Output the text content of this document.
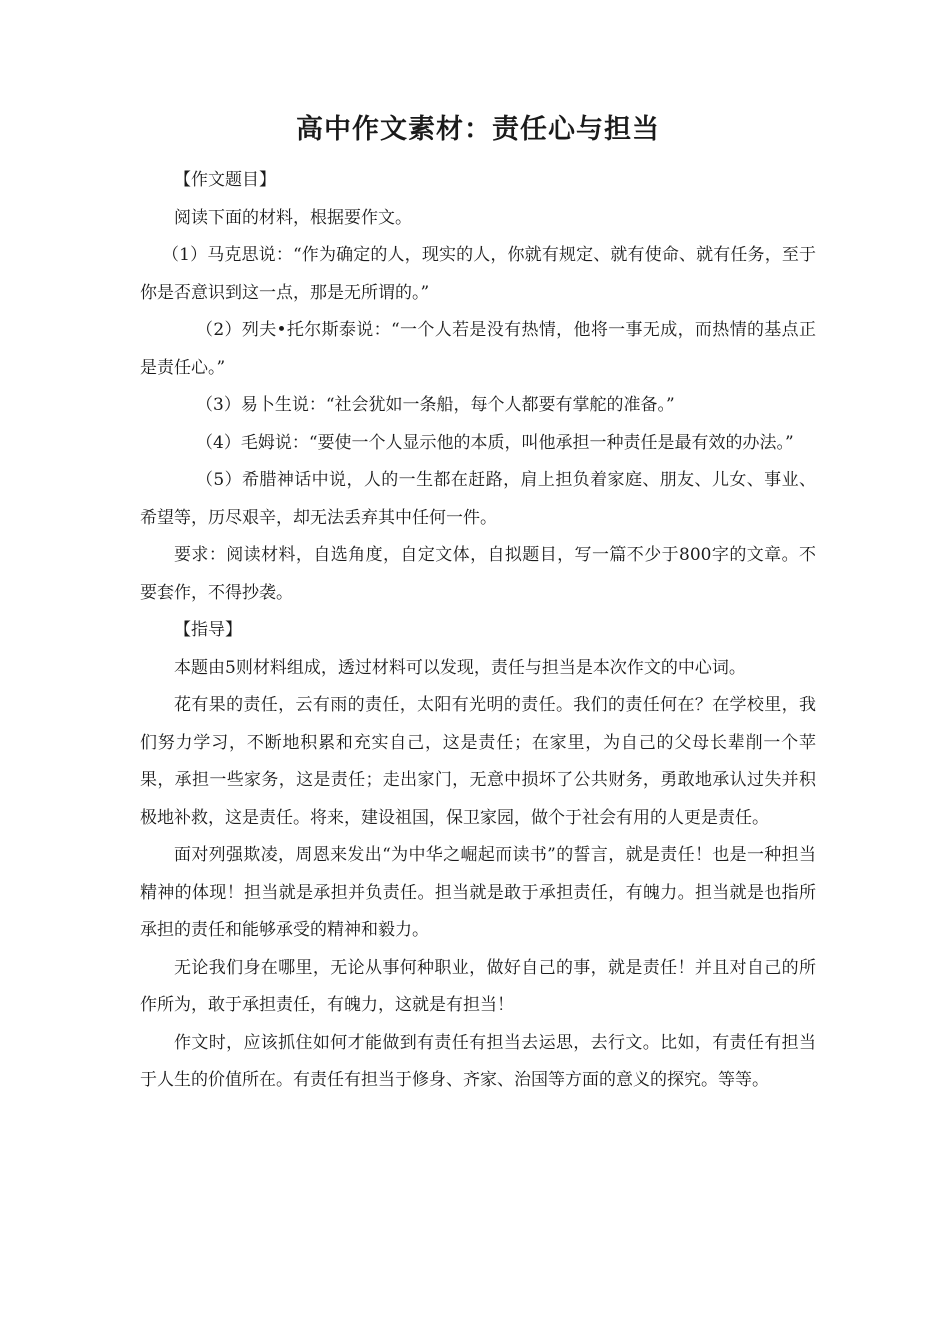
高中作文素材：责任心与担当

【作文题目】

阅读下面的材料，根据要作文。

（1）马克思说：“作为确定的人，现实的人，你就有规定、就有使命、就有任务，至于你是否意识到这一点，那是无所谓的。”

（2）列夫•托尔斯泰说：“一个人若是没有热情，他将一事无成，而热情的基点正是责任心。”

（3）易卜生说：“社会犹如一条船，每个人都要有掌舵的准备。”

（4）毛姆说：“要使一个人显示他的本质，叫他承担一种责任是最有效的办法。”

（5）希腊神话中说，人的一生都在赶路，肩上担负着家庭、朋友、儿女、事业、希望等，历尽艰辛，却无法丢弃其中任何一件。

要求：阅读材料，自选角度，自定文体，自拟题目，写一篇不少于800字的文章。不要套作，不得抄袭。

【指导】

本题由5则材料组成，透过材料可以发现，责任与担当是本次作文的中心词。

花有果的责任，云有雨的责任，太阳有光明的责任。我们的责任何在？在学校里，我们努力学习，不断地积累和充实自己，这是责任；在家里，为自己的父母长辈削一个苹果，承担一些家务，这是责任；走出家门，无意中损坏了公共财务，勇敢地承认过失并积极地补救，这是责任。将来，建设祖国，保卫家园，做个于社会有用的人更是责任。

面对列强欺凌，周恩来发出“为中华之崛起而读书”的誓言，就是责任！也是一种担当精神的体现！担当就是承担并负责任。担当就是敢于承担责任，有魄力。担当就是也指所承担的责任和能够承受的精神和毅力。

无论我们身在哪里，无论从事何种职业，做好自己的事，就是责任！并且对自己的所作所为，敢于承担责任，有魄力，这就是有担当！

作文时，应该抓住如何才能做到有责任有担当去运思，去行文。比如，有责任有担当于人生的价值所在。有责任有担当于修身、齐家、治国等方面的意义的探究。等等。
